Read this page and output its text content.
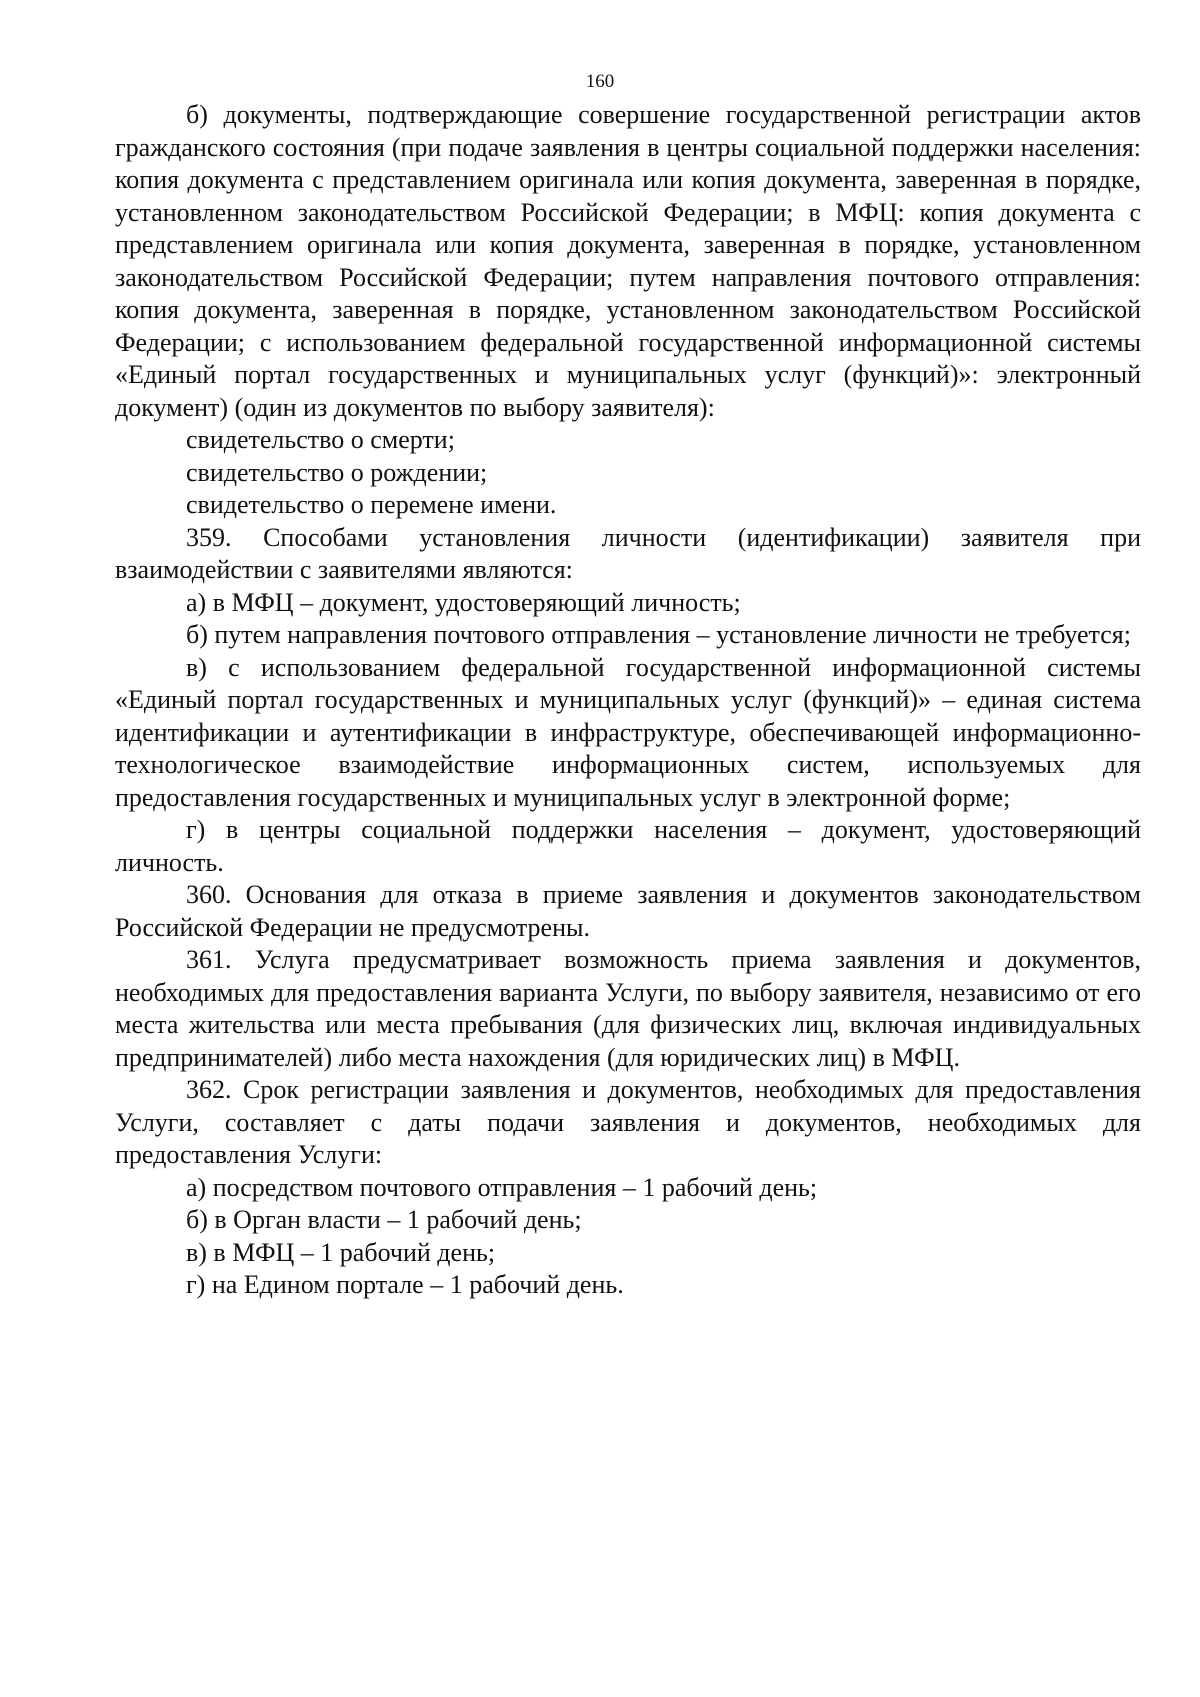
160

б) документы, подтверждающие совершение государственной регистрации актов гражданского состояния (при подаче заявления в центры социальной поддержки населения: копия документа с представлением оригинала или копия документа, заверенная в порядке, установленном законодательством Российской Федерации; в МФЦ: копия документа с представлением оригинала или копия документа, заверенная в порядке, установленном законодательством Российской Федерации; путем направления почтового отправления: копия документа, заверенная в порядке, установленном законодательством Российской Федерации; с использованием федеральной государственной информационной системы «Единый портал государственных и муниципальных услуг (функций)»: электронный документ) (один из документов по выбору заявителя):

свидетельство о смерти;

свидетельство о рождении;

свидетельство о перемене имени.

359. Способами установления личности (идентификации) заявителя при взаимодействии с заявителями являются:

а) в МФЦ – документ, удостоверяющий личность;

б) путем направления почтового отправления – установление личности не требуется;

в) с использованием федеральной государственной информационной системы «Единый портал государственных и муниципальных услуг (функций)» – единая система идентификации и аутентификации в инфраструктуре, обеспечивающей информационно-технологическое взаимодействие информационных систем, используемых для предоставления государственных и муниципальных услуг в электронной форме;

г) в центры социальной поддержки населения – документ, удостоверяющий личность.

360. Основания для отказа в приеме заявления и документов законодательством Российской Федерации не предусмотрены.

361. Услуга предусматривает возможность приема заявления и документов, необходимых для предоставления варианта Услуги, по выбору заявителя, независимо от его места жительства или места пребывания (для физических лиц, включая индивидуальных предпринимателей) либо места нахождения (для юридических лиц) в МФЦ.

362. Срок регистрации заявления и документов, необходимых для предоставления Услуги, составляет с даты подачи заявления и документов, необходимых для предоставления Услуги:

а) посредством почтового отправления – 1 рабочий день;

б) в Орган власти – 1 рабочий день;

в) в МФЦ – 1 рабочий день;

г) на Едином портале – 1 рабочий день.
